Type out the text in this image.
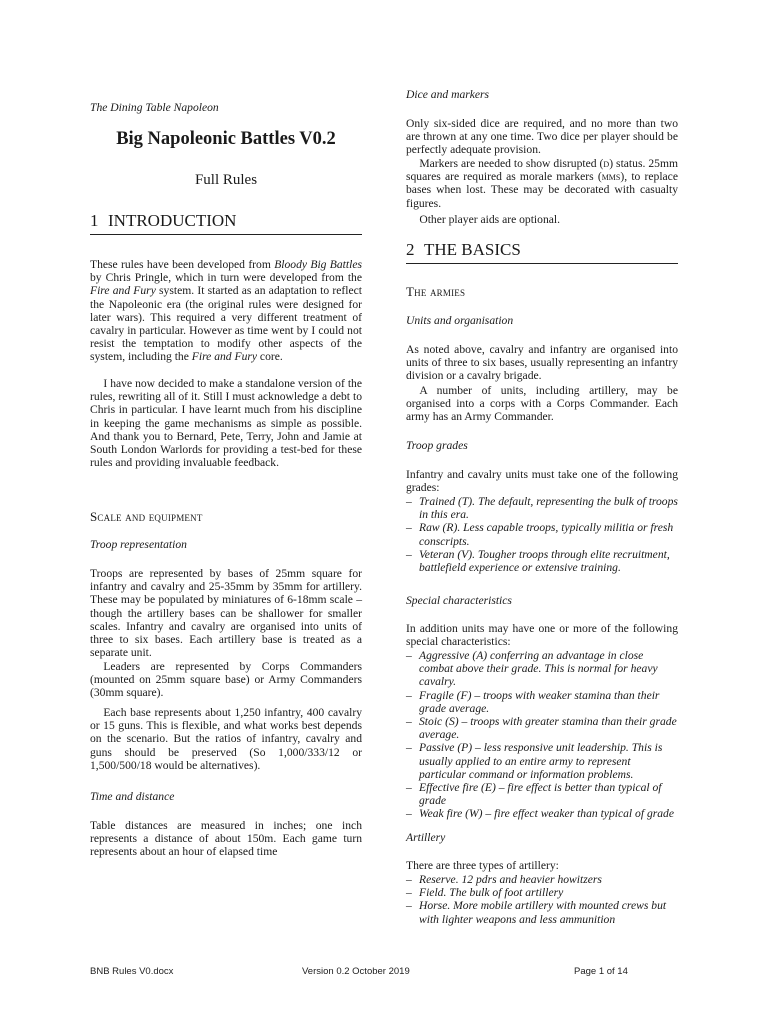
The Dining Table Napoleon

Big Napoleonic Battles V0.2

Full Rules

1 INTRODUCTION

These rules have been developed from Bloody Big Battles by Chris Pringle, which in turn were developed from the Fire and Fury system. It started as an adaptation to reflect the Napoleonic era (the original rules were designed for later wars). This required a very different treatment of cavalry in particular. However as time went by I could not resist the temptation to modify other aspects of the system, including the Fire and Fury core.

I have now decided to make a standalone version of the rules, rewriting all of it. Still I must acknowledge a debt to Chris in particular. I have learnt much from his discipline in keeping the game mechanisms as simple as possible. And thank you to Bernard, Pete, Terry, John and Jamie at South London Warlords for providing a test-bed for these rules and providing invaluable feedback.

Scale and equipment

Troop representation

Troops are represented by bases of 25mm square for infantry and cavalry and 25-35mm by 35mm for artillery. These may be populated by miniatures of 6-18mm scale – though the artillery bases can be shallower for smaller scales. Infantry and cavalry are organised into units of three to six bases. Each artillery base is treated as a separate unit.

Leaders are represented by Corps Commanders (mounted on 25mm square base) or Army Commanders (30mm square).

Each base represents about 1,250 infantry, 400 cavalry or 15 guns. This is flexible, and what works best depends on the scenario. But the ratios of infantry, cavalry and guns should be preserved (So 1,000/333/12 or 1,500/500/18 would be alternatives).

Time and distance

Table distances are measured in inches; one inch represents a distance of about 150m. Each game turn represents about an hour of elapsed time

Dice and markers

Only six-sided dice are required, and no more than two are thrown at any one time. Two dice per player should be perfectly adequate provision.

Markers are needed to show disrupted (d) status. 25mm squares are required as morale markers (mms), to replace bases when lost. These may be decorated with casualty figures.

Other player aids are optional.

2 THE BASICS

The armies

Units and organisation

As noted above, cavalry and infantry are organised into units of three to six bases, usually representing an infantry division or a cavalry brigade.

A number of units, including artillery, may be organised into a corps with a Corps Commander. Each army has an Army Commander.

Troop grades

Infantry and cavalry units must take one of the following grades:

– Trained (T). The default, representing the bulk of troops in this era.

– Raw (R). Less capable troops, typically militia or fresh conscripts.

– Veteran (V). Tougher troops through elite recruitment, battlefield experience or extensive training.

Special characteristics

In addition units may have one or more of the following special characteristics:

– Aggressive (A) conferring an advantage in close combat above their grade. This is normal for heavy cavalry.

– Fragile (F) – troops with weaker stamina than their grade average.

– Stoic (S) – troops with greater stamina than their grade average.

– Passive (P) – less responsive unit leadership. This is usually applied to an entire army to represent particular command or information problems.

– Effective fire (E) – fire effect is better than typical of grade

– Weak fire (W) – fire effect weaker than typical of grade

Artillery

There are three types of artillery:

– Reserve. 12 pdrs and heavier howitzers

– Field. The bulk of foot artillery

– Horse. More mobile artillery with mounted crews but with lighter weapons and less ammunition

BNB Rules V0.docx	Version 0.2 October 2019	Page 1 of 14
